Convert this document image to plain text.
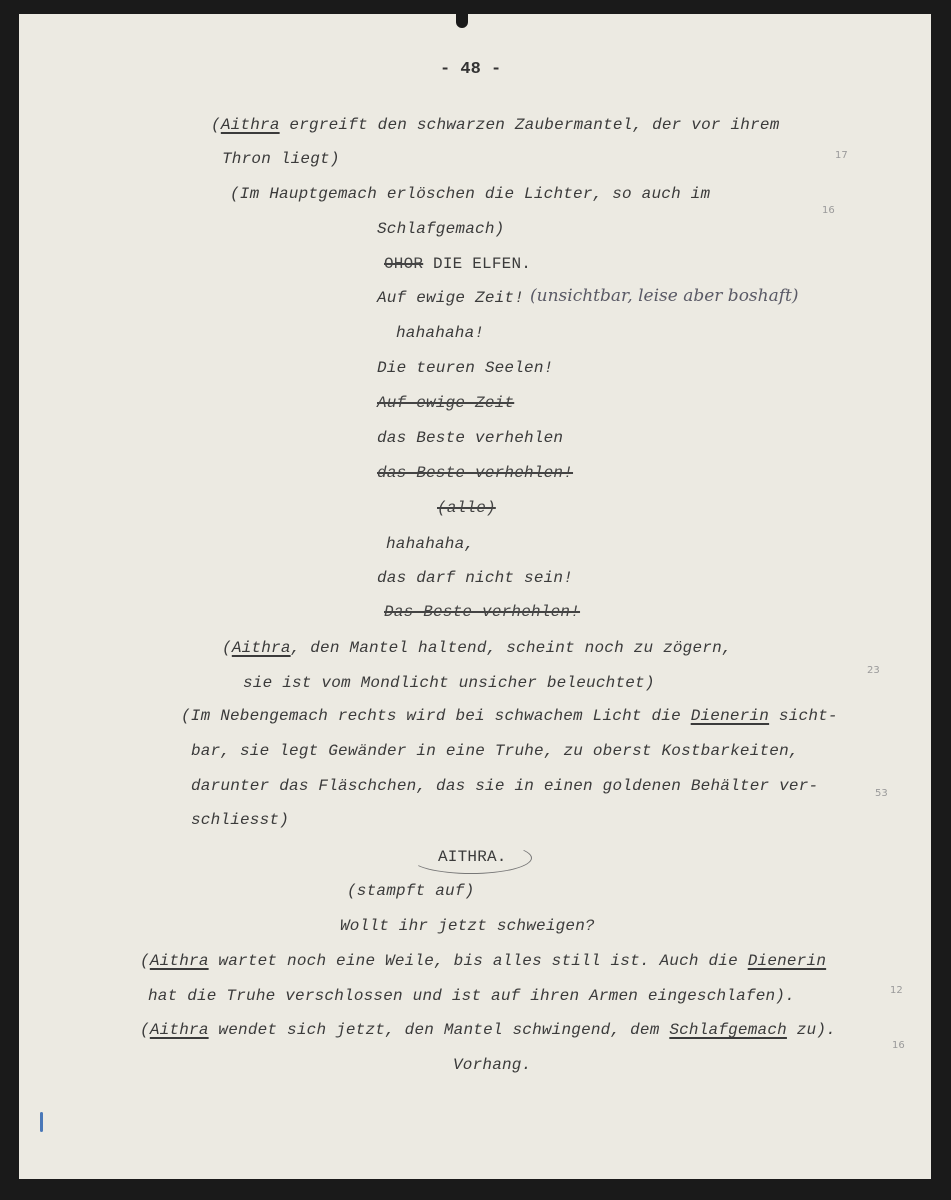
- 48 -
(Aithra ergreift den schwarzen Zaubermantel, der vor ihrem
Thron liegt)
(Im Hauptgemach erlöschen die Lichter, so auch im
Schlafgemach)
OHOR DIE ELFEN.
Auf ewige Zeit!
hahahaha!
Die teuren Seelen!
Auf ewige Zeit
das Beste verhehlen
das Beste verhehlen!
(alle)
hahahaha,
das darf nicht sein!
Das Beste verhehlen!
(Aithra, den Mantel haltend, scheint noch zu zögern,
sie ist vom Mondlicht unsicher beleuchtet)
(Im Nebengemach rechts wird bei schwachem Licht die Dienerin sicht-
bar, sie legt Gewänder in eine Truhe, zu oberst Kostbarkeiten,
darunter das Fläschchen, das sie in einen goldenen Behälter ver-
schliesst)
AITHRA.
(stampft auf)
Wollt ihr jetzt schweigen?
(Aithra wartet noch eine Weile, bis alles still ist. Auch die Dienerin
hat die Truhe verschlossen und ist auf ihren Armen eingeschlafen).
(Aithra wendet sich jetzt, den Mantel schwingend, dem Schlafgemach zu).
Vorhang.
(unsichtbar, leise aber boshaft)
17
16
23
53
12
16
